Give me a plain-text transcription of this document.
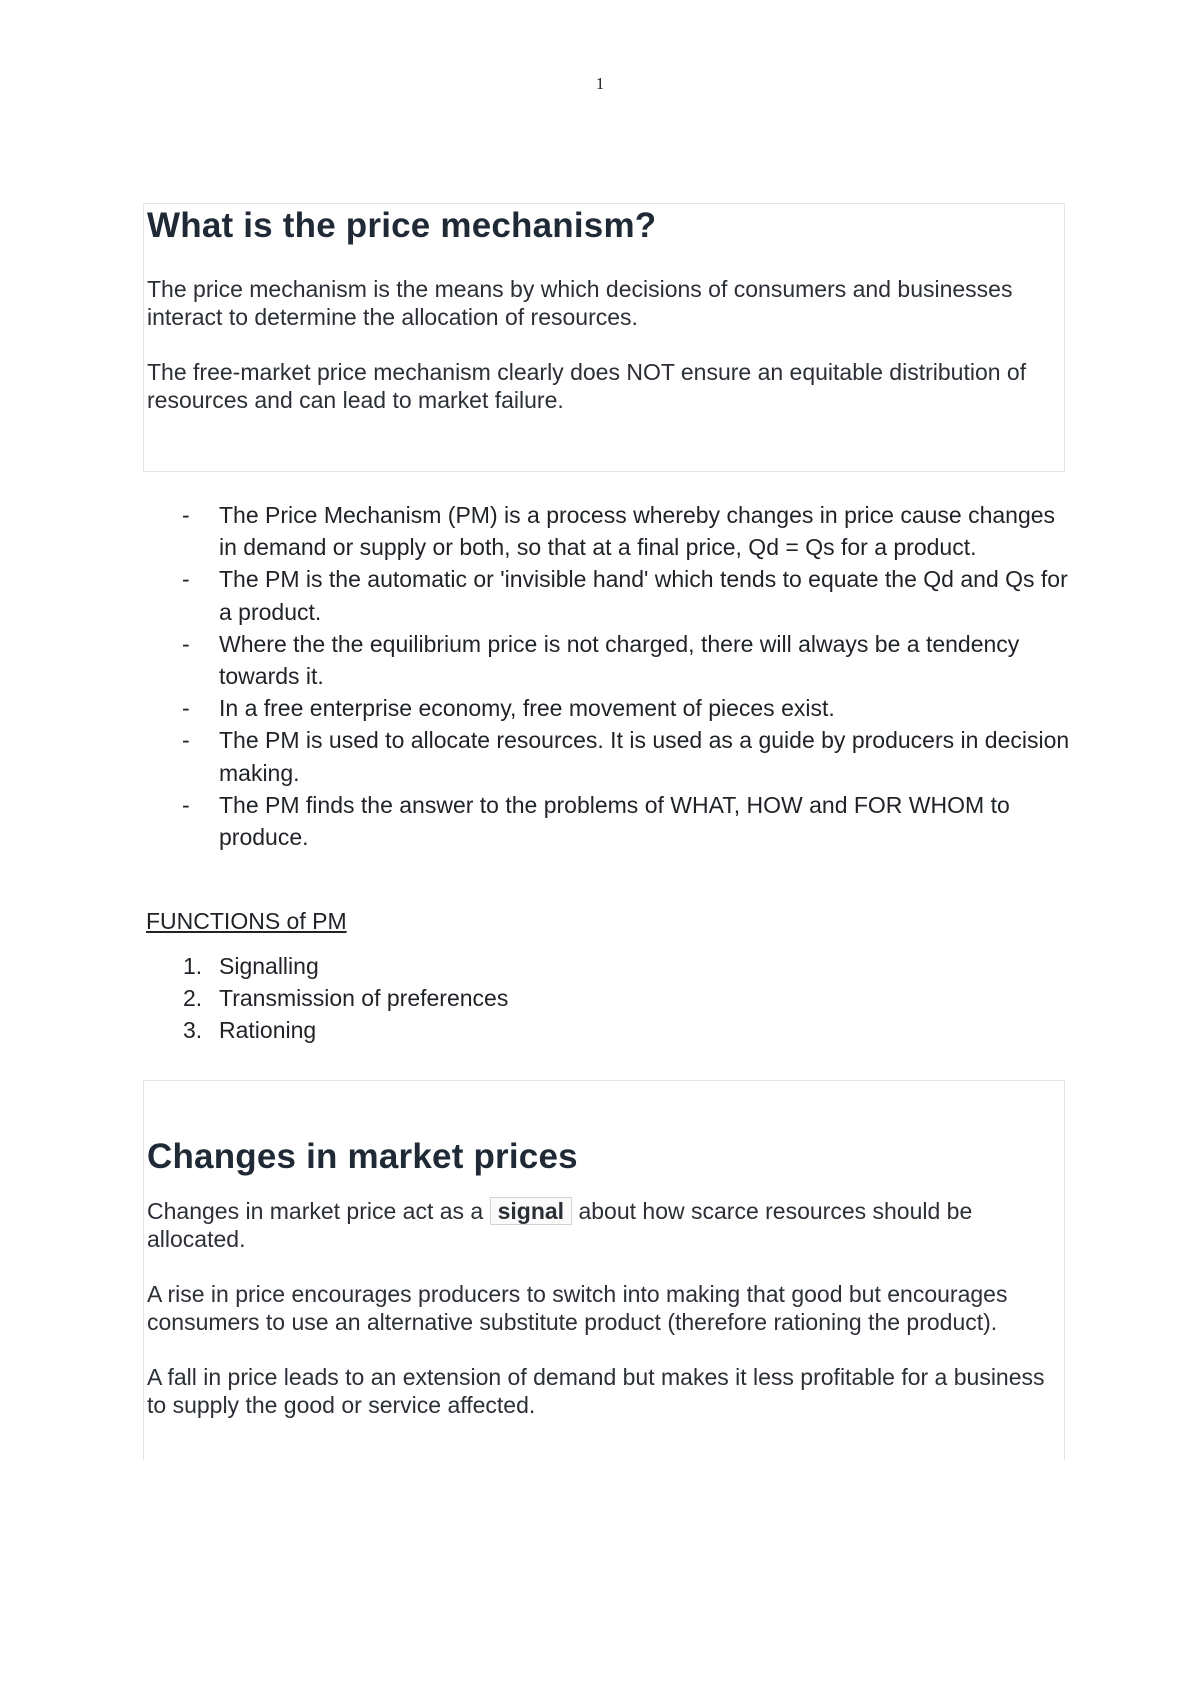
1
What is the price mechanism?

The price mechanism is the means by which decisions of consumers and businesses interact to determine the allocation of resources.

The free-market price mechanism clearly does NOT ensure an equitable distribution of resources and can lead to market failure.

- The Price Mechanism (PM) is a process whereby changes in price cause changes in demand or supply or both, so that at a final price, Qd = Qs for a product.
- The PM is the automatic or 'invisible hand' which tends to equate the Qd and Qs for a product.
- Where the the equilibrium price is not charged, there will always be a tendency towards it.
- In a free enterprise economy, free movement of pieces exist.
- The PM is used to allocate resources. It is used as a guide by producers in decision making.
- The PM finds the answer to the problems of WHAT, HOW and FOR WHOM to produce.
FUNCTIONS of PM
1. Signalling
2. Transmission of preferences
3. Rationing
Changes in market prices

Changes in market price act as a signal about how scarce resources should be allocated.

A rise in price encourages producers to switch into making that good but encourages consumers to use an alternative substitute product (therefore rationing the product).

A fall in price leads to an extension of demand but makes it less profitable for a business to supply the good or service affected.
